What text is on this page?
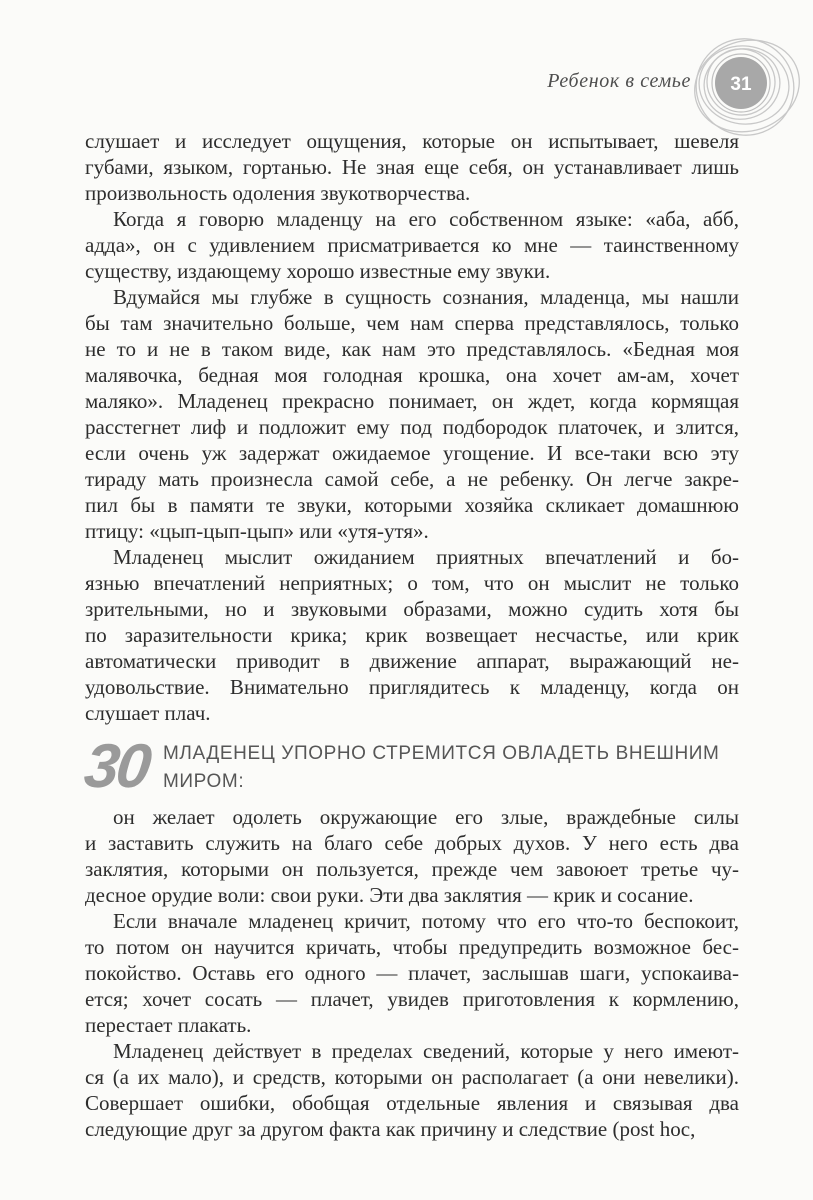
Ребенок в семье 31
слушает и исследует ощущения, которые он испытывает, шевеля
губами, языком, гортанью. Не зная еще себя, он устанавливает лишь
произвольность одоления звукотворчества.
Когда я говорю младенцу на его собственном языке: «аба, абб,
адда», он с удивлением присматривается ко мне — таинственному
существу, издающему хорошо известные ему звуки.
Вдумайся мы глубже в сущность сознания, младенца, мы нашли
бы там значительно больше, чем нам сперва представлялось, только
не то и не в таком виде, как нам это представлялось. «Бедная моя
малявочка, бедная моя голодная крошка, она хочет ам-ам, хочет
маляко». Младенец прекрасно понимает, он ждет, когда кормящая
расстегнет лиф и подложит ему под подбородок платочек, и злится,
если очень уж задержат ожидаемое угощение. И все-таки всю эту
тираду мать произнесла самой себе, а не ребенку. Он легче закре-
пил бы в памяти те звуки, которыми хозяйка скликает домашнюю
птицу: «цып-цып-цып» или «утя-утя».
Младенец мыслит ожиданием приятных впечатлений и бо-
язнью впечатлений неприятных; о том, что он мыслит не только
зрительными, но и звуковыми образами, можно судить хотя бы
по заразительности крика; крик возвещает несчастье, или крик
автоматически приводит в движение аппарат, выражающий не-
удовольствие. Внимательно приглядитесь к младенцу, когда он
слушает плач.
30 МЛАДЕНЕЦ УПОРНО СТРЕМИТСЯ ОВЛАДЕТЬ ВНЕШНИМ
МИРОМ:
он желает одолеть окружающие его злые, враждебные силы
и заставить служить на благо себе добрых духов. У него есть два
заклятия, которыми он пользуется, прежде чем завоюет третье чу-
десное орудие воли: свои руки. Эти два заклятия — крик и сосание.
Если вначале младенец кричит, потому что его что-то беспокоит,
то потом он научится кричать, чтобы предупредить возможное бес-
покойство. Оставь его одного — плачет, заслышав шаги, успокаива-
ется; хочет сосать — плачет, увидев приготовления к кормлению,
перестает плакать.
Младенец действует в пределах сведений, которые у него имеют-
ся (а их мало), и средств, которыми он располагает (а они невелики).
Совершает ошибки, обобщая отдельные явления и связывая два
следующие друг за другом факта как причину и следствие (post hoc,
